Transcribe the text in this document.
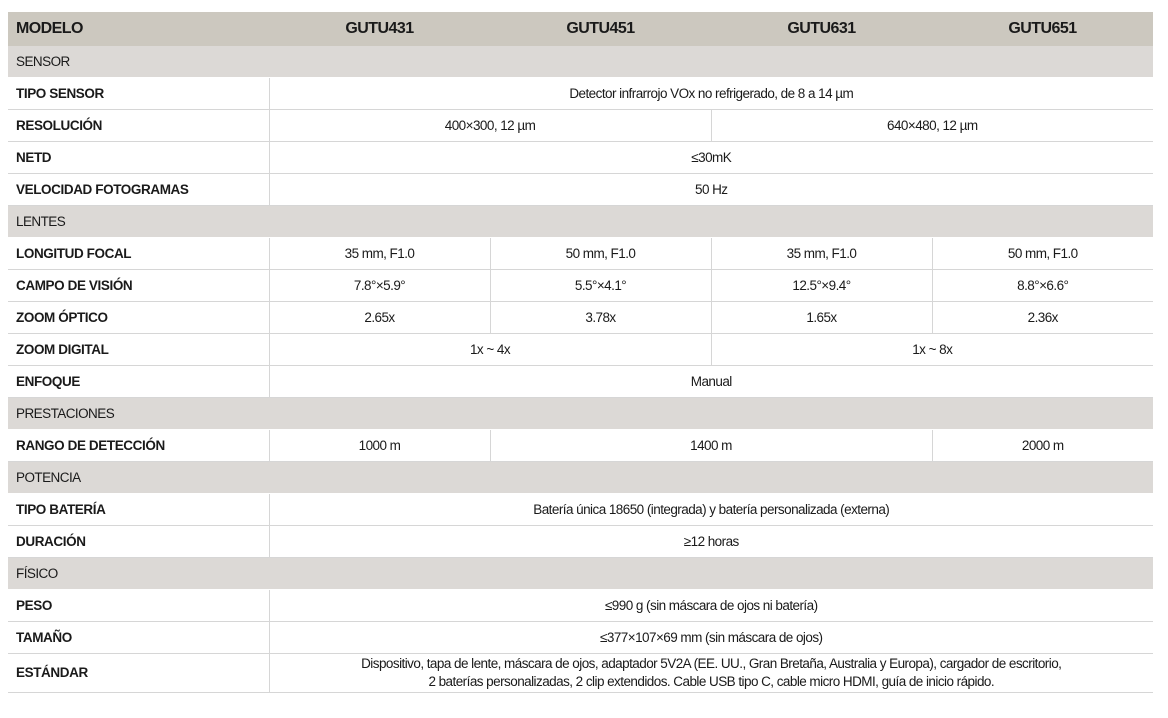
MODELO	GUTU431	GUTU451	GUTU631	GUTU651
SENSOR				
TIPO SENSOR	Detector infrarrojo VOx no refrigerado, de 8 a 14 µm			
RESOLUCIÓN	400×300, 12 µm		640×480, 12 µm	
NETD	≤30mK			
VELOCIDAD FOTOGRAMAS	50 Hz			
LENTES				
LONGITUD FOCAL	35 mm, F1.0	50 mm, F1.0	35 mm, F1.0	50 mm, F1.0
CAMPO DE VISIÓN	7.8°×5.9°	5.5°×4.1°	12.5°×9.4°	8.8°×6.6°
ZOOM ÓPTICO	2.65x	3.78x	1.65x	2.36x
ZOOM DIGITAL	1x ~ 4x		1x ~ 8x	
ENFOQUE	Manual			
PRESTACIONES				
RANGO DE DETECCIÓN	1000 m	1400 m		2000 m
POTENCIA				
TIPO BATERÍA	Batería única 18650 (integrada) y batería personalizada (externa)			
DURACIÓN	≥12 horas			
FÍSICO				
PESO	≤990 g (sin máscara de ojos ni batería)			
TAMAÑO	≤377×107×69 mm (sin máscara de ojos)			
ESTÁNDAR	Dispositivo, tapa de lente, máscara de ojos, adaptador 5V2A (EE. UU., Gran Bretaña, Australia y Europa), cargador de escritorio,
2 baterías personalizadas, 2 clip extendidos. Cable USB tipo C, cable micro HDMI, guía de inicio rápido.			
